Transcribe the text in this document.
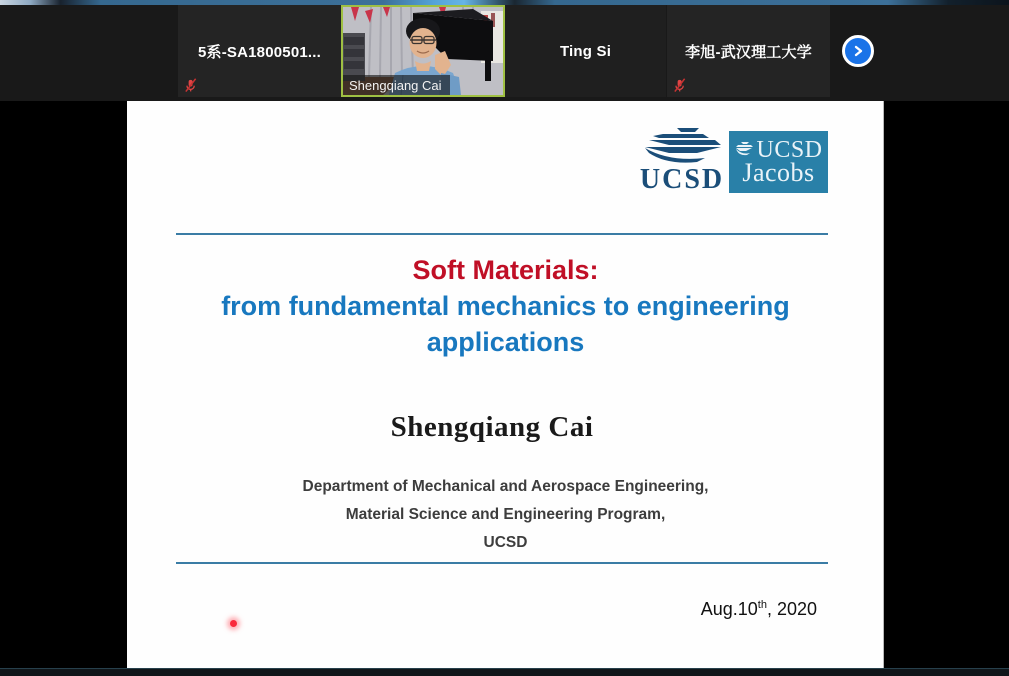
5系-SA1800501...
Shengqiang Cai
Ting Si	李旭-武汉理工大学
UCSD
UCSD
Jacobs
Soft Materials:
from fundamental mechanics to engineering
applications
Shengqiang Cai
Department of Mechanical and Aerospace Engineering,
Material Science and Engineering Program,
UCSD
Aug.10th, 2020
